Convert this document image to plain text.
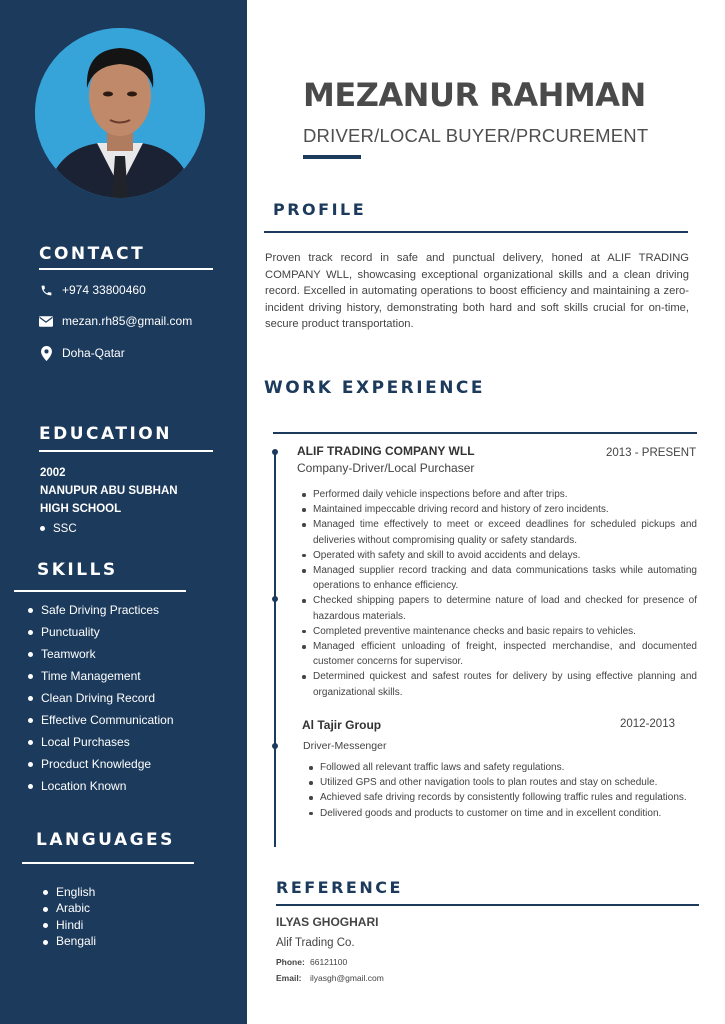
CONTACT
+974 33800460
mezan.rh85@gmail.com
Doha-Qatar
EDUCATION
2002
NANUPUR ABU SUBHAN
HIGH SCHOOL
SSC
SKILLS
Safe Driving Practices
Punctuality
Teamwork
Time Management
Clean Driving Record
Effective Communication
Local Purchases
Procduct Knowledge
Location Known
LANGUAGES
English
Arabic
Hindi
Bengali
MEZANUR RAHMAN
DRIVER/LOCAL BUYER/PRCUREMENT
PROFILE
Proven track record in safe and punctual delivery, honed at ALIF TRADING COMPANY WLL, showcasing exceptional organizational skills and a clean driving record. Excelled in automating operations to boost efficiency and maintaining a zero-incident driving history, demonstrating both hard and soft skills crucial for on-time, secure product transportation.
WORK EXPERIENCE
ALIF TRADING COMPANY WLL	2013 - PRESENT
Company-Driver/Local Purchaser
Performed daily vehicle inspections before and after trips.
Maintained impeccable driving record and history of zero incidents.
Managed time effectively to meet or exceed deadlines for scheduled pickups and deliveries without compromising quality or safety standards.
Operated with safety and skill to avoid accidents and delays.
Managed supplier record tracking and data communications tasks while automating operations to enhance efficiency.
Checked shipping papers to determine nature of load and checked for presence of hazardous materials.
Completed preventive maintenance checks and basic repairs to vehicles.
Managed efficient unloading of freight, inspected merchandise, and documented customer concerns for supervisor.
Determined quickest and safest routes for delivery by using effective planning and organizational skills.
Al Tajir Group	2012-2013
Driver-Messenger
Followed all relevant traffic laws and safety regulations.
Utilized GPS and other navigation tools to plan routes and stay on schedule.
Achieved safe driving records by consistently following traffic rules and regulations.
Delivered goods and products to customer on time and in excellent condition.
REFERENCE
ILYAS GHOGHARI
Alif Trading Co.
Phone: 66121100
Email: ilyasgh@gmail.com
